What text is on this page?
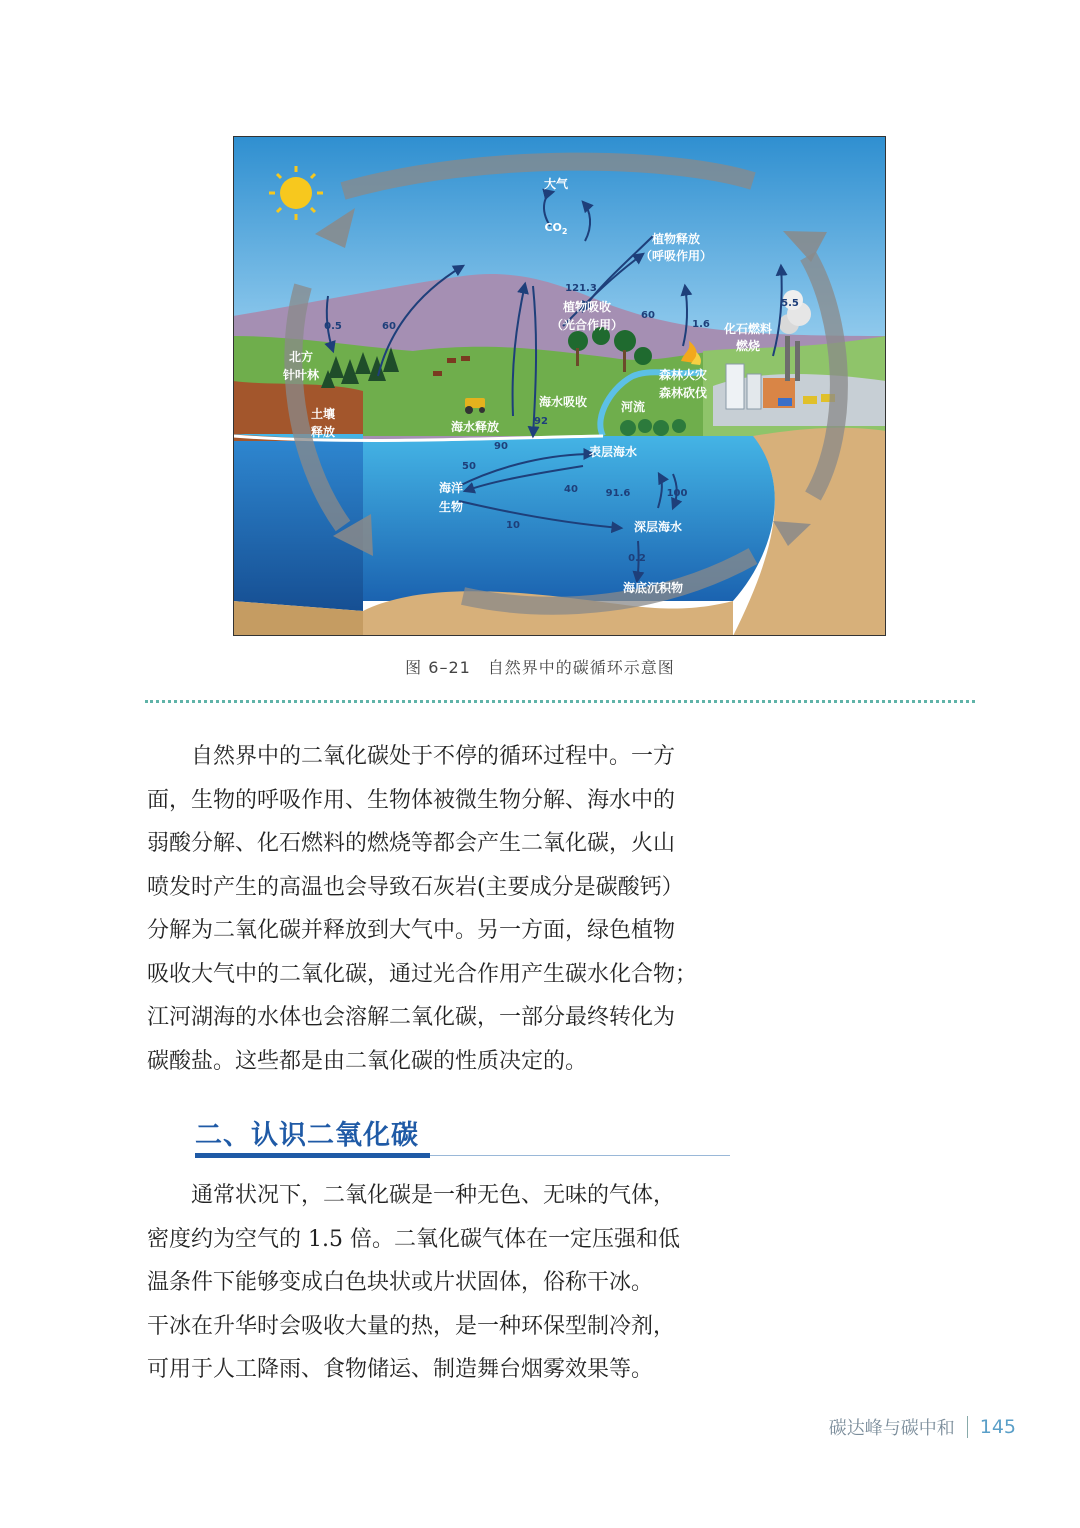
大气
$CO_2$
植物释放
（呼吸作用）
植物吸收
（光合作用）	化石燃料
燃烧
北方
针叶林
土壤
释放
海水吸收
海水释放
河流
森林火灾
森林砍伐
表层海水
海洋
生物
深层海水
海底沉积物
0.5	60
121.3
60
1.6
5.5
92
90
50
40	91.6	100
10
0.2
图 6–21　自然界中的碳循环示意图

自然界中的二氧化碳处于不停的循环过程中。一方
面，生物的呼吸作用、生物体被微生物分解、海水中的
弱酸分解、化石燃料的燃烧等都会产生二氧化碳，火山
喷发时产生的高温也会导致石灰岩(主要成分是碳酸钙）
分解为二氧化碳并释放到大气中。另一方面，绿色植物
吸收大气中的二氧化碳，通过光合作用产生碳水化合物；
江河湖海的水体也会溶解二氧化碳，一部分最终转化为
碳酸盐。这些都是由二氧化碳的性质决定的。

二、认识二氧化碳

通常状况下，二氧化碳是一种无色、无味的气体，
密度约为空气的 1.5 倍。二氧化碳气体在一定压强和低
温条件下能够变成白色块状或片状固体，俗称干冰。
干冰在升华时会吸收大量的热，是一种环保型制冷剂，
可用于人工降雨、食物储运、制造舞台烟雾效果等。

碳达峰与碳中和 145
